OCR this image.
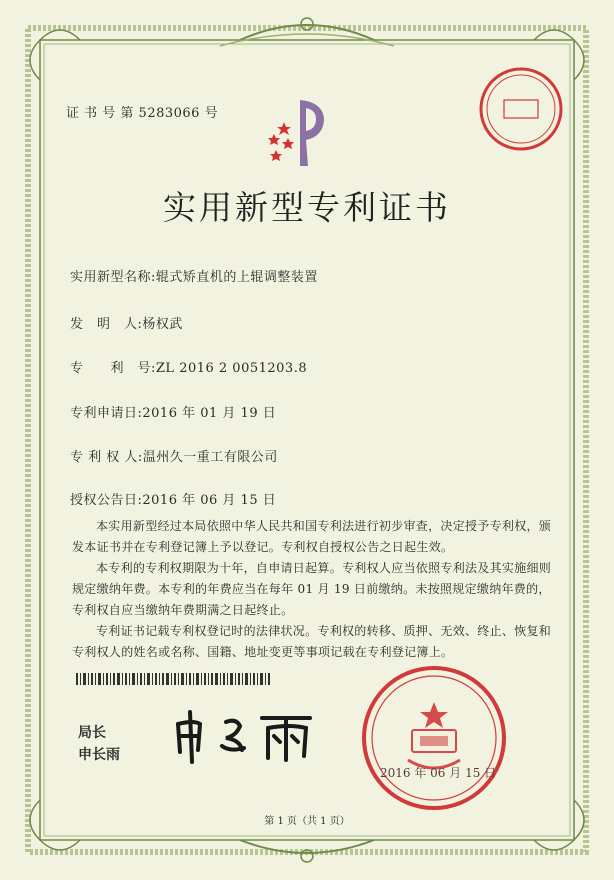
证 书 号 第 5283066 号
实用新型专利证书
实用新型名称:辊式矫直机的上辊调整装置
发　明　人:杨权武
专　　利　号:ZL 2016 2 0051203.8
专利申请日:2016 年 01 月 19 日
专 利 权 人:温州久一重工有限公司
授权公告日:2016 年 06 月 15 日

本实用新型经过本局依照中华人民共和国专利法进行初步审查，决定授予专利权，颁发本证书并在专利登记簿上予以登记。专利权自授权公告之日起生效。

本专利的专利权期限为十年，自申请日起算。专利权人应当依照专利法及其实施细则规定缴纳年费。本专利的年费应当在每年 01 月 19 日前缴纳。未按照规定缴纳年费的，专利权自应当缴纳年费期满之日起终止。

专利证书记载专利权登记时的法律状况。专利权的转移、质押、无效、终止、恢复和专利权人的姓名或名称、国籍、地址变更等事项记载在专利登记簿上。

局长
申长雨
2016 年 06 月 15 日
第 1 页（共 1 页）
